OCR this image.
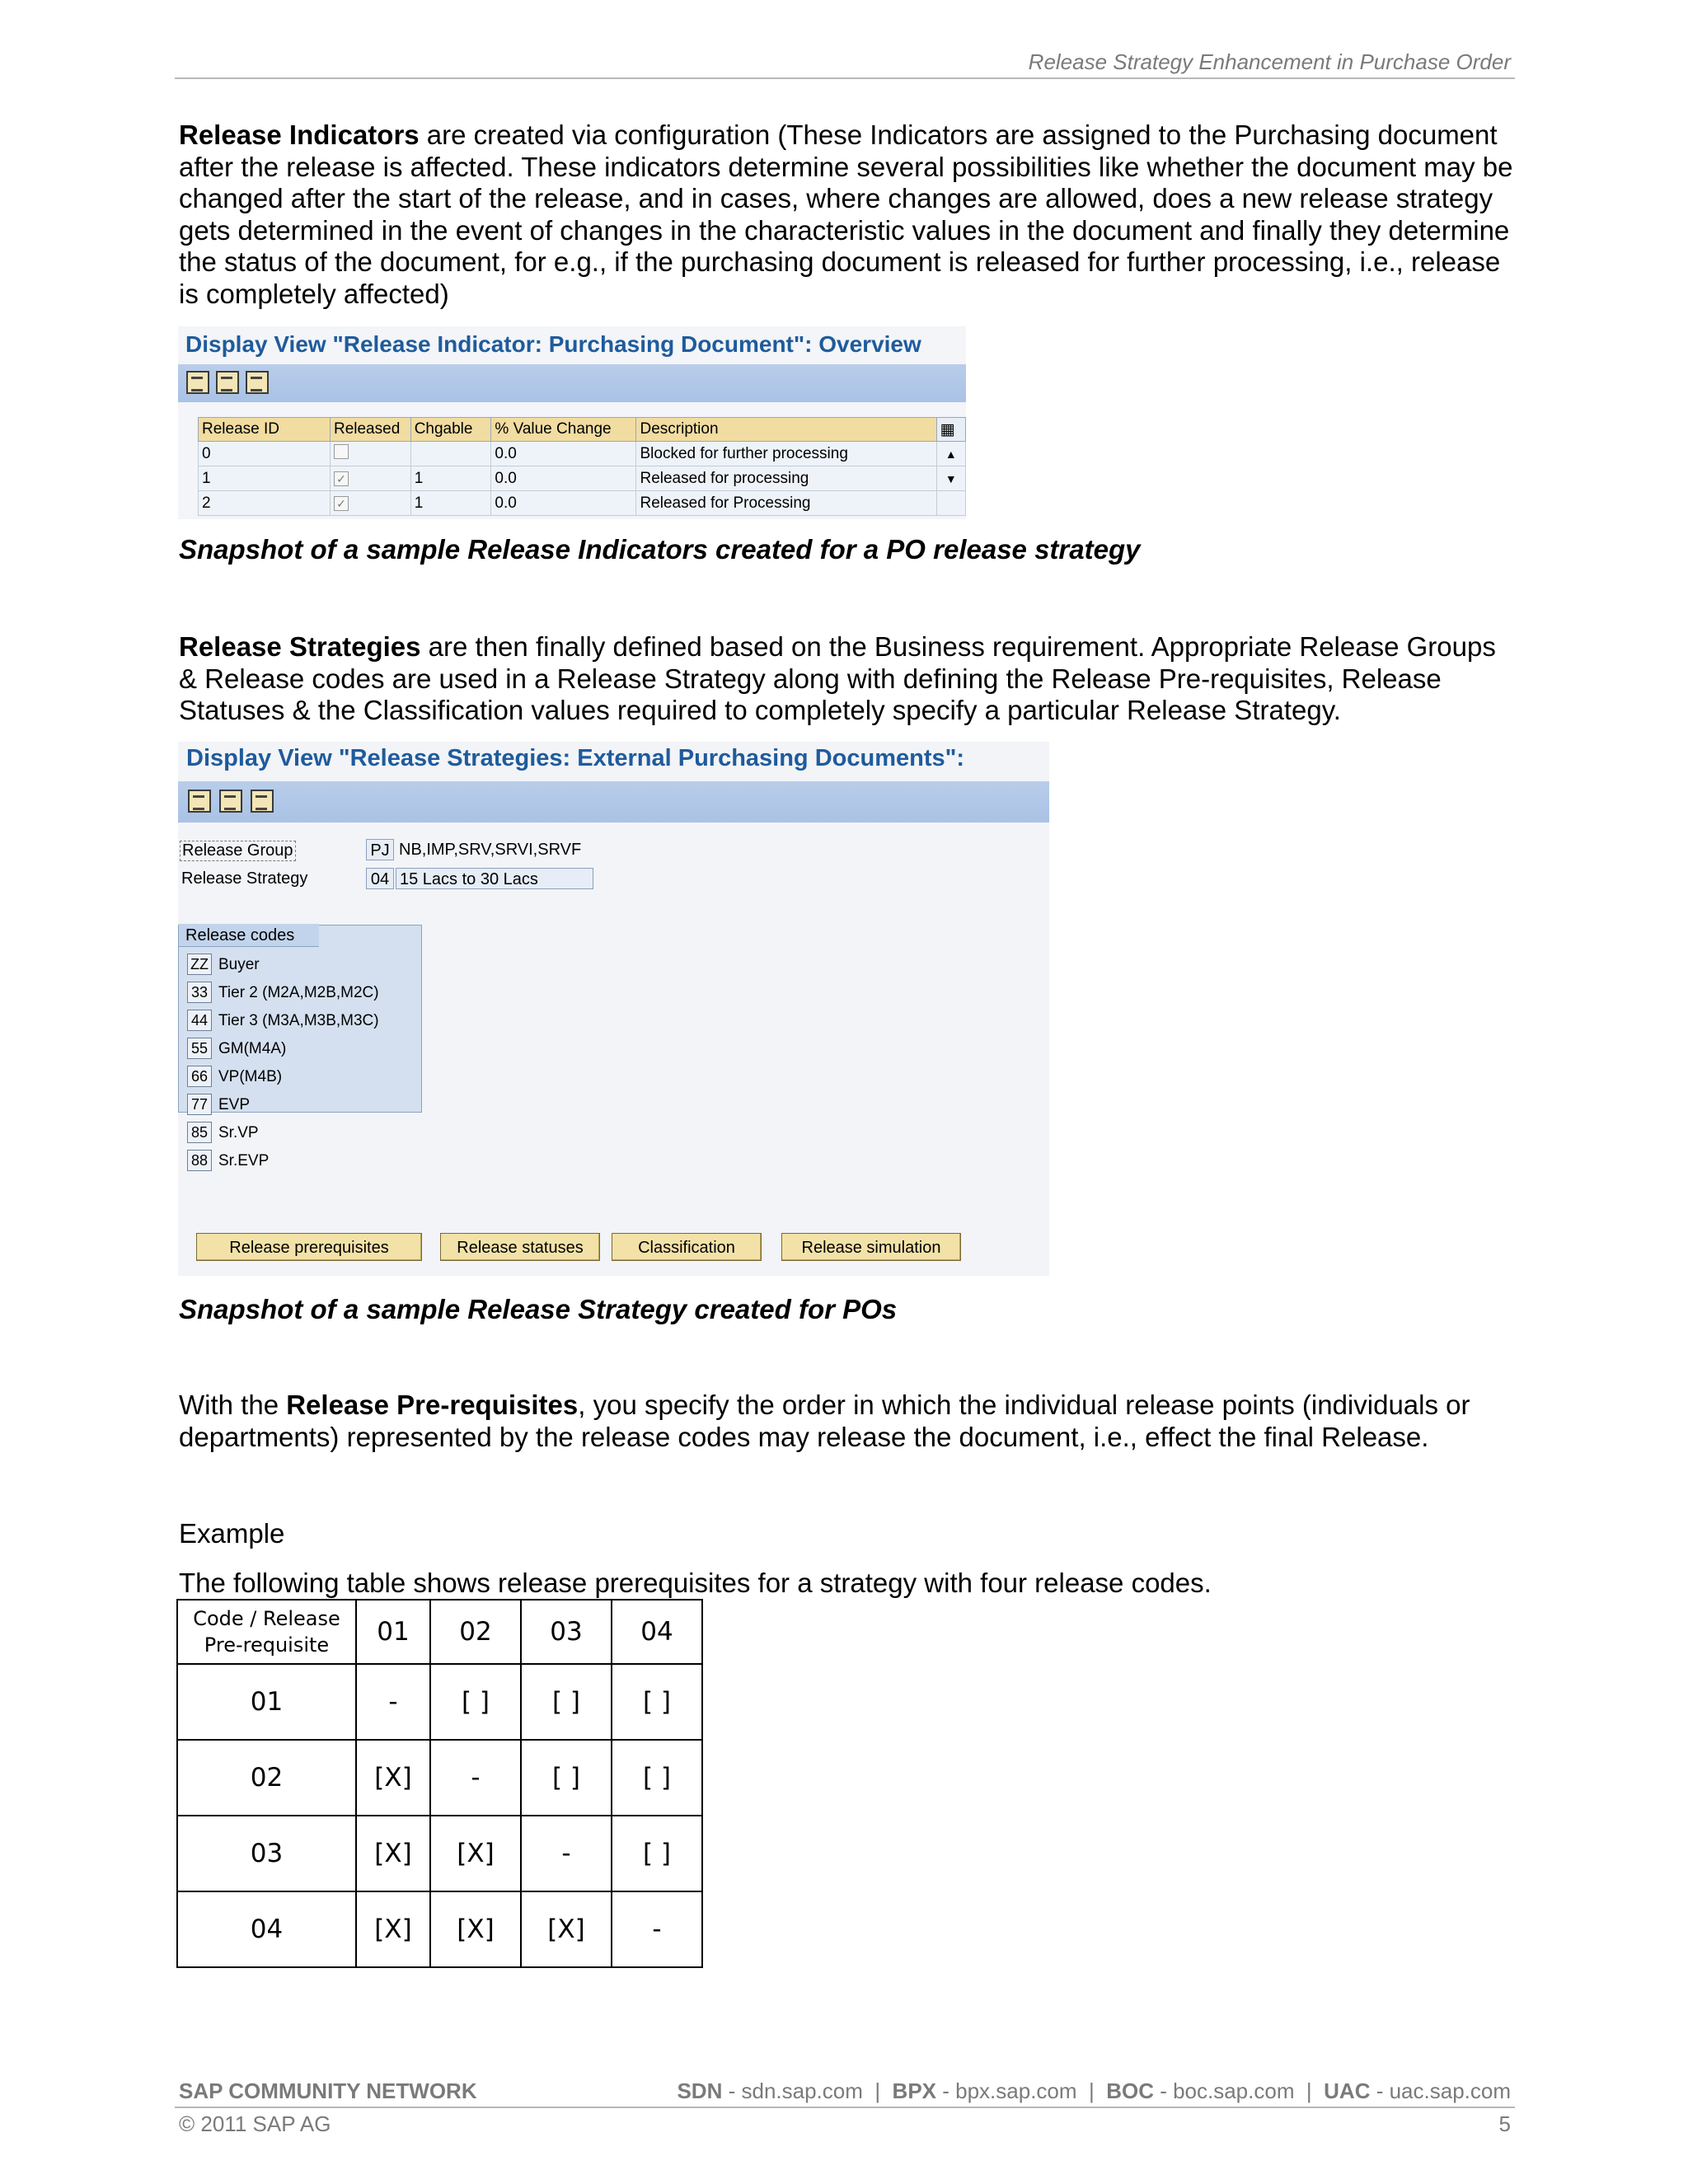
Release Strategy Enhancement in Purchase Order
Release Indicators are created via configuration (These Indicators are assigned to the Purchasing document after the release is affected. These indicators determine several possibilities like whether the document may be changed after the start of the release, and in cases, where changes are allowed, does a new release strategy gets determined in the event of changes in the characteristic values in the document and finally they determine the status of the document, for e.g., if the purchasing document is released for further processing, i.e., release is completely affected)
Display View "Release Indicator: Purchasing Document": Overview
Release ID	Released	Chgable	% Value Change	Description	▦
0			0.0	Blocked for further processing	▲
1	✓	1	0.0	Released for processing	▼
2	✓	1	0.0	Released for Processing	
Snapshot of a sample Release Indicators created for a PO release strategy
Release Strategies are then finally defined based on the Business requirement. Appropriate Release Groups & Release codes are used in a Release Strategy along with defining the Release Pre-requisites, Release Statuses & the Classification values required to completely specify a particular Release Strategy.
Display View "Release Strategies: External Purchasing Documents":
Release Group	PJ NB,IMP,SRV,SRVI,SRVF
Release Strategy	04 15 Lacs to 30 Lacs
Release codes
ZZ Buyer
33 Tier 2 (M2A,M2B,M2C)
44 Tier 3 (M3A,M3B,M3C)
55 GM(M4A)
66 VP(M4B)
77 EVP
85 Sr.VP
88 Sr.EVP
Release prerequisites	Release statuses	Classification	Release simulation
Snapshot of a sample Release Strategy created for POs
With the Release Pre-requisites, you specify the order in which the individual release points (individuals or departments) represented by the release codes may release the document, i.e., effect the final Release.
Example
The following table shows release prerequisites for a strategy with four release codes.
Code / Release
Pre-requisite	01	02	03	04
01	-	[ ]	[ ]	[ ]
02	[X]	-	[ ]	[ ]
03	[X]	[X]	-	[ ]
04	[X]	[X]	[X]	-
SAP COMMUNITY NETWORK	SDN - sdn.sap.com  |  BPX - bpx.sap.com  |  BOC - boc.sap.com  |  UAC - uac.sap.com
© 2011 SAP AG	5
